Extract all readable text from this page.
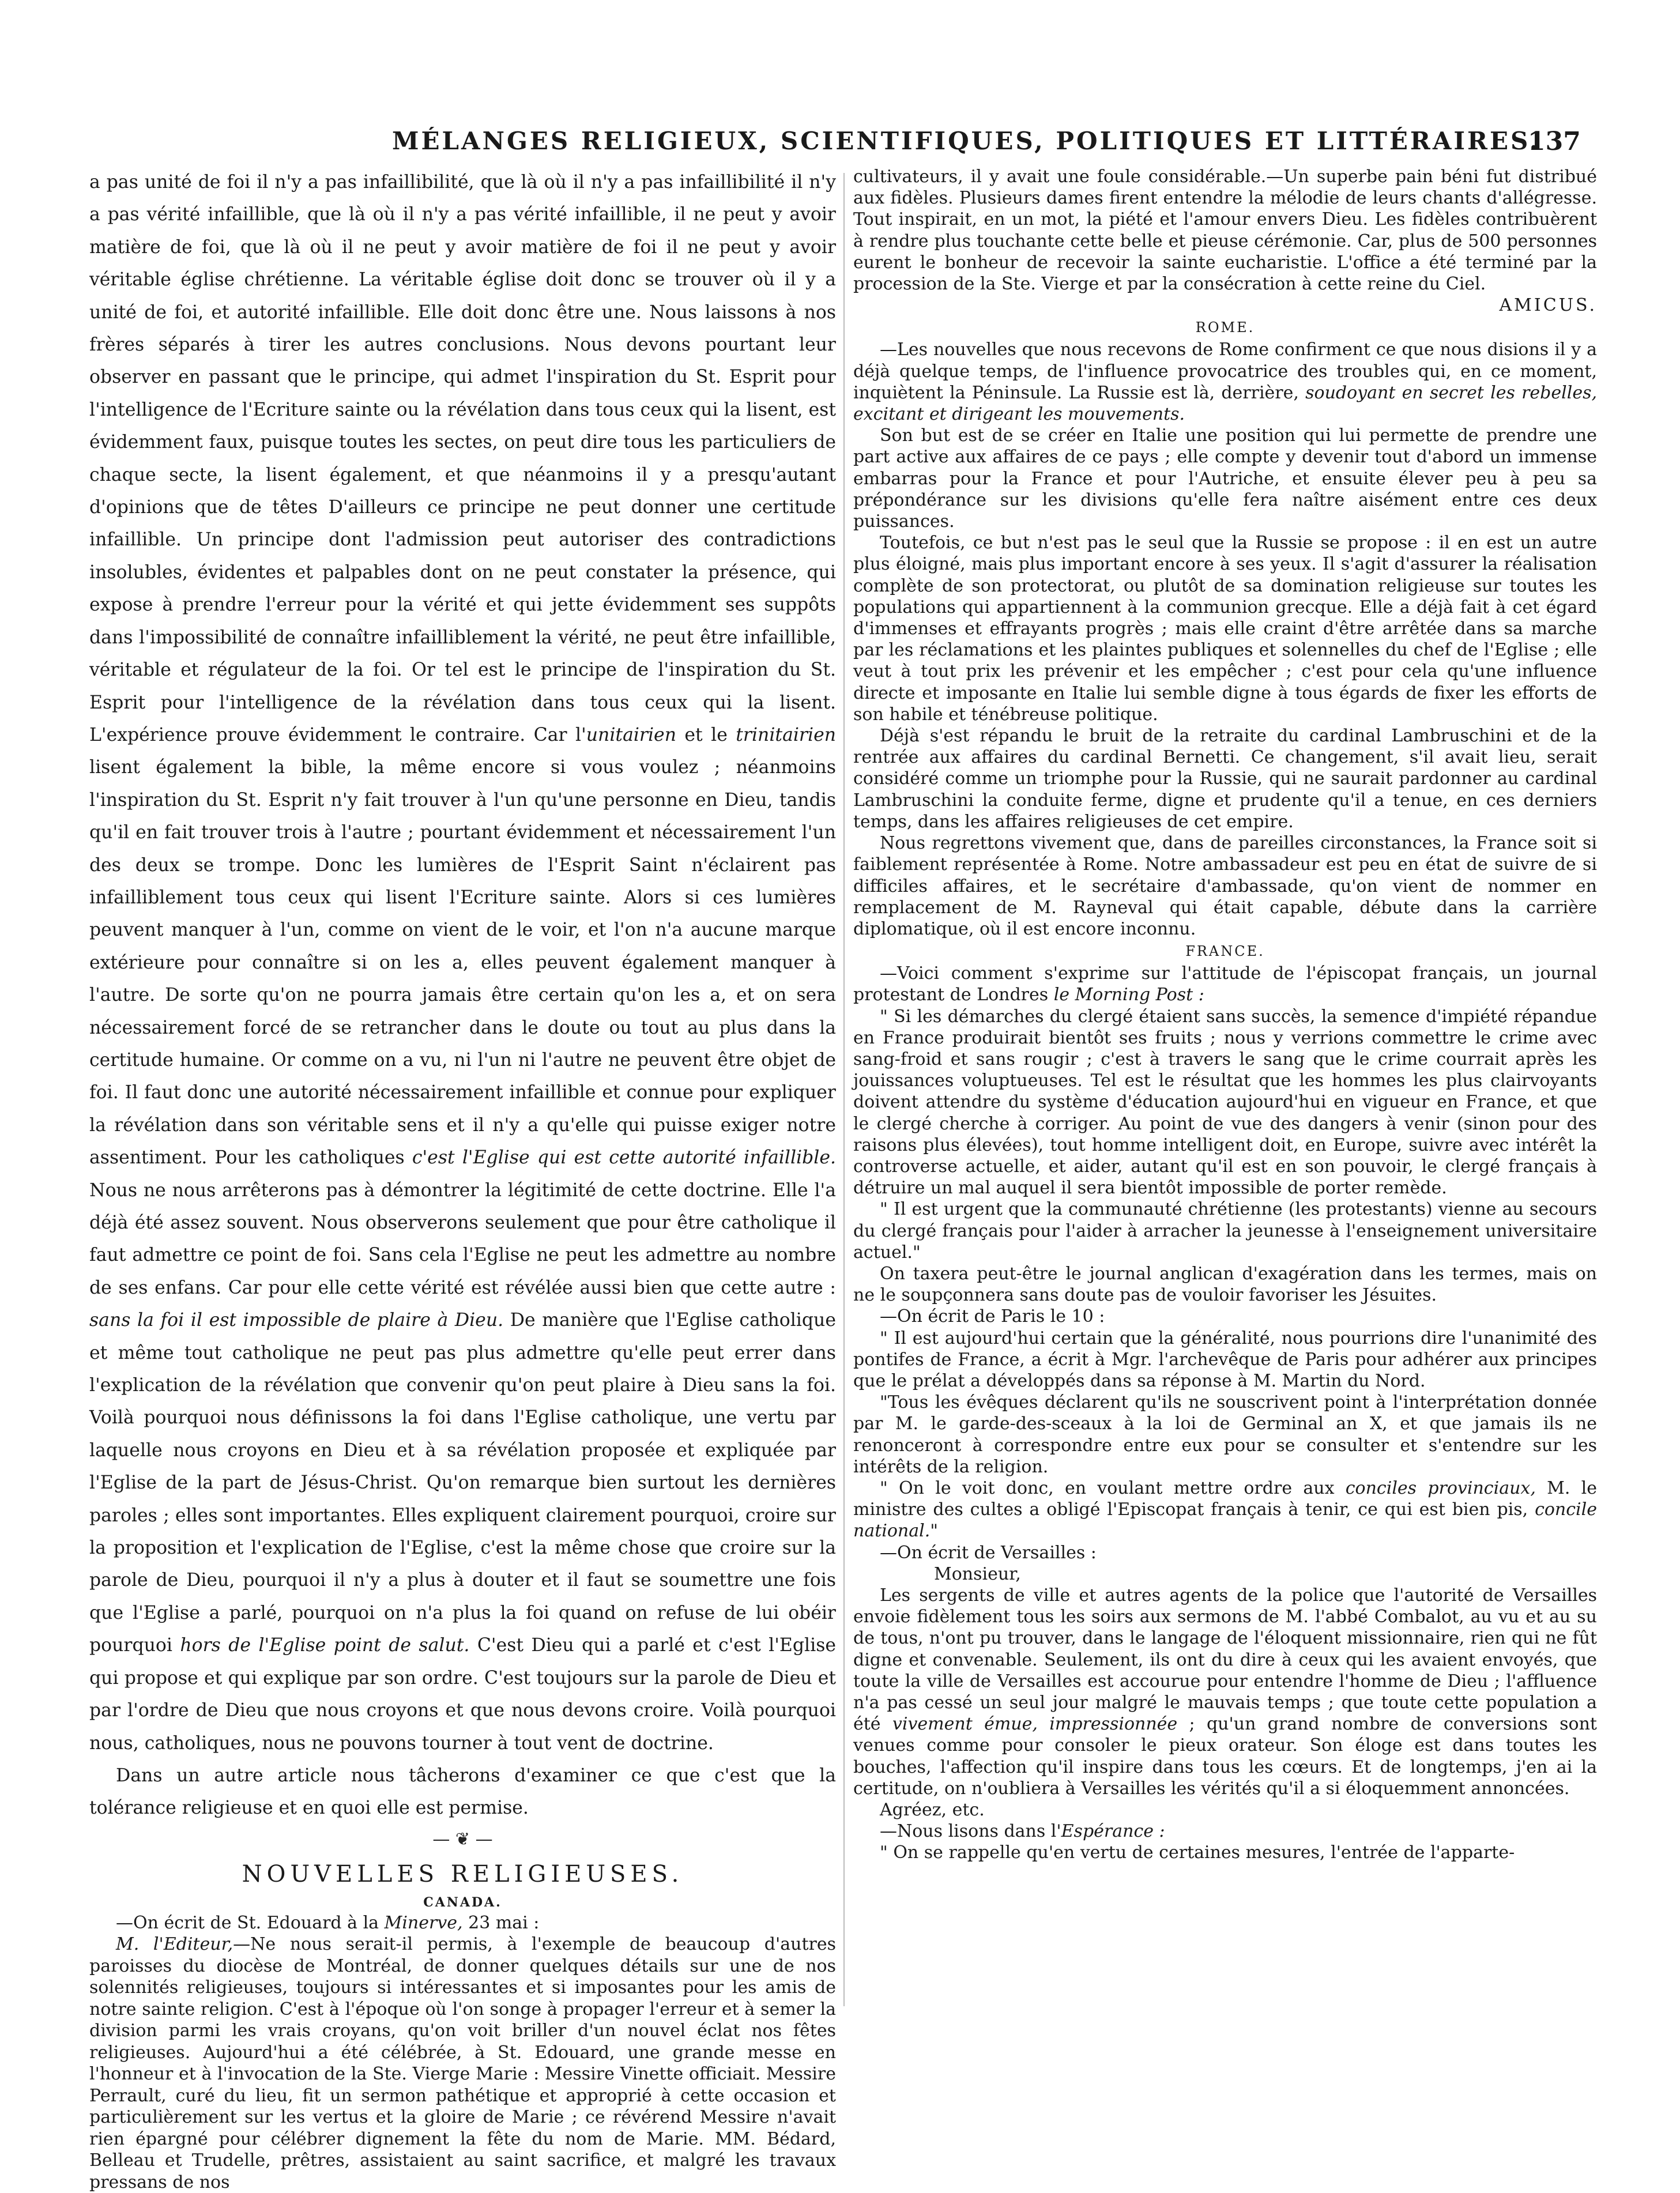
MÉLANGES RELIGIEUX, SCIENTIFIQUES, POLITIQUES ET LITTÉRAIRES.
137

a pas unité de foi il n'y a pas infaillibilité, que là où il n'y a pas infaillibilité il n'y a pas vérité infaillible, que là où il n'y a pas vérité infaillible, il ne peut y avoir matière de foi, que là où il ne peut y avoir matière de foi il ne peut y avoir véritable église chrétienne. La véritable église doit donc se trouver où il y a unité de foi, et autorité infaillible. Elle doit donc être une. Nous laissons à nos frères séparés à tirer les autres conclusions. Nous devons pourtant leur observer en passant que le principe, qui admet l'inspiration du St. Esprit pour l'intelligence de l'Ecriture sainte ou la révélation dans tous ceux qui la lisent, est évidemment faux, puisque toutes les sectes, on peut dire tous les particuliers de chaque secte, la lisent également, et que néanmoins il y a presqu'autant d'opinions que de têtes D'ailleurs ce principe ne peut donner une certitude infaillible. Un principe dont l'admission peut autoriser des contradictions insolubles, évidentes et palpables dont on ne peut constater la présence, qui expose à prendre l'erreur pour la vérité et qui jette évidemment ses suppôts dans l'impossibilité de connaître infailliblement la vérité, ne peut être infaillible, véritable et régulateur de la foi. Or tel est le principe de l'inspiration du St. Esprit pour l'intelligence de la révélation dans tous ceux qui la lisent. L'expérience prouve évidemment le contraire. Car l'unitairien et le trinitairien lisent également la bible, la même encore si vous voulez ; néanmoins l'inspiration du St. Esprit n'y fait trouver à l'un qu'une personne en Dieu, tandis qu'il en fait trouver trois à l'autre ; pourtant évidemment et nécessairement l'un des deux se trompe. Donc les lumières de l'Esprit Saint n'éclairent pas infailliblement tous ceux qui lisent l'Ecriture sainte. Alors si ces lumières peuvent manquer à l'un, comme on vient de le voir, et l'on n'a aucune marque extérieure pour connaître si on les a, elles peuvent également manquer à l'autre. De sorte qu'on ne pourra jamais être certain qu'on les a, et on sera nécessairement forcé de se retrancher dans le doute ou tout au plus dans la certitude humaine. Or comme on a vu, ni l'un ni l'autre ne peuvent être objet de foi. Il faut donc une autorité nécessairement infaillible et connue pour expliquer la révélation dans son véritable sens et il n'y a qu'elle qui puisse exiger notre assentiment. Pour les catholiques c'est l'Eglise qui est cette autorité infaillible. Nous ne nous arrêterons pas à démontrer la légitimité de cette doctrine. Elle l'a déjà été assez souvent. Nous observerons seulement que pour être catholique il faut admettre ce point de foi. Sans cela l'Eglise ne peut les admettre au nombre de ses enfans. Car pour elle cette vérité est révélée aussi bien que cette autre : sans la foi il est impossible de plaire à Dieu. De manière que l'Eglise catholique et même tout catholique ne peut pas plus admettre qu'elle peut errer dans l'explication de la révélation que convenir qu'on peut plaire à Dieu sans la foi. Voilà pourquoi nous définissons la foi dans l'Eglise catholique, une vertu par laquelle nous croyons en Dieu et à sa révélation proposée et expliquée par l'Eglise de la part de Jésus-Christ. Qu'on remarque bien surtout les dernières paroles ; elles sont importantes. Elles expliquent clairement pourquoi, croire sur la proposition et l'explication de l'Eglise, c'est la même chose que croire sur la parole de Dieu, pourquoi il n'y a plus à douter et il faut se soumettre une fois que l'Eglise a parlé, pourquoi on n'a plus la foi quand on refuse de lui obéir pourquoi hors de l'Eglise point de salut. C'est Dieu qui a parlé et c'est l'Eglise qui propose et qui explique par son ordre. C'est toujours sur la parole de Dieu et par l'ordre de Dieu que nous croyons et que nous devons croire. Voilà pourquoi nous, catholiques, nous ne pouvons tourner à tout vent de doctrine.

Dans un autre article nous tâcherons d'examiner ce que c'est que la tolérance religieuse et en quoi elle est permise.

— ❦ —
NOUVELLES RELIGIEUSES.
CANADA.

—On écrit de St. Edouard à la Minerve, 23 mai :

M. l'Editeur,—Ne nous serait-il permis, à l'exemple de beaucoup d'autres paroisses du diocèse de Montréal, de donner quelques détails sur une de nos solennités religieuses, toujours si intéressantes et si imposantes pour les amis de notre sainte religion. C'est à l'époque où l'on songe à propager l'erreur et à semer la division parmi les vrais croyans, qu'on voit briller d'un nouvel éclat nos fêtes religieuses. Aujourd'hui a été célébrée, à St. Edouard, une grande messe en l'honneur et à l'invocation de la Ste. Vierge Marie : Messire Vinette officiait. Messire Perrault, curé du lieu, fit un sermon pathétique et approprié à cette occasion et particulièrement sur les vertus et la gloire de Marie ; ce révérend Messire n'avait rien épargné pour célébrer dignement la fête du nom de Marie. MM. Bédard, Belleau et Trudelle, prêtres, assistaient au saint sacrifice, et malgré les travaux pressans de nos

cultivateurs, il y avait une foule considérable.—Un superbe pain béni fut distribué aux fidèles. Plusieurs dames firent entendre la mélodie de leurs chants d'allégresse. Tout inspirait, en un mot, la piété et l'amour envers Dieu. Les fidèles contribuèrent à rendre plus touchante cette belle et pieuse cérémonie. Car, plus de 500 personnes eurent le bonheur de recevoir la sainte eucharistie. L'office a été terminé par la procession de la Ste. Vierge et par la consécration à cette reine du Ciel.

AMICUS.

ROME.

—Les nouvelles que nous recevons de Rome confirment ce que nous disions il y a déjà quelque temps, de l'influence provocatrice des troubles qui, en ce moment, inquiètent la Péninsule. La Russie est là, derrière, soudoyant en secret les rebelles, excitant et dirigeant les mouvements.

Son but est de se créer en Italie une position qui lui permette de prendre une part active aux affaires de ce pays ; elle compte y devenir tout d'abord un immense embarras pour la France et pour l'Autriche, et ensuite élever peu à peu sa prépondérance sur les divisions qu'elle fera naître aisément entre ces deux puissances.

Toutefois, ce but n'est pas le seul que la Russie se propose : il en est un autre plus éloigné, mais plus important encore à ses yeux. Il s'agit d'assurer la réalisation complète de son protectorat, ou plutôt de sa domination religieuse sur toutes les populations qui appartiennent à la communion grecque. Elle a déjà fait à cet égard d'immenses et effrayants progrès ; mais elle craint d'être arrêtée dans sa marche par les réclamations et les plaintes publiques et solennelles du chef de l'Eglise ; elle veut à tout prix les prévenir et les empêcher ; c'est pour cela qu'une influence directe et imposante en Italie lui semble digne à tous égards de fixer les efforts de son habile et ténébreuse politique.

Déjà s'est répandu le bruit de la retraite du cardinal Lambruschini et de la rentrée aux affaires du cardinal Bernetti. Ce changement, s'il avait lieu, serait considéré comme un triomphe pour la Russie, qui ne saurait pardonner au cardinal Lambruschini la conduite ferme, digne et prudente qu'il a tenue, en ces derniers temps, dans les affaires religieuses de cet empire.

Nous regrettons vivement que, dans de pareilles circonstances, la France soit si faiblement représentée à Rome. Notre ambassadeur est peu en état de suivre de si difficiles affaires, et le secrétaire d'ambassade, qu'on vient de nommer en remplacement de M. Rayneval qui était capable, débute dans la carrière diplomatique, où il est encore inconnu.

FRANCE.

—Voici comment s'exprime sur l'attitude de l'épiscopat français, un journal protestant de Londres le Morning Post :

" Si les démarches du clergé étaient sans succès, la semence d'impiété répandue en France produirait bientôt ses fruits ; nous y verrions commettre le crime avec sang-froid et sans rougir ; c'est à travers le sang que le crime courrait après les jouissances voluptueuses. Tel est le résultat que les hommes les plus clairvoyants doivent attendre du système d'éducation aujourd'hui en vigueur en France, et que le clergé cherche à corriger. Au point de vue des dangers à venir (sinon pour des raisons plus élevées), tout homme intelligent doit, en Europe, suivre avec intérêt la controverse actuelle, et aider, autant qu'il est en son pouvoir, le clergé français à détruire un mal auquel il sera bientôt impossible de porter remède.

" Il est urgent que la communauté chrétienne (les protestants) vienne au secours du clergé français pour l'aider à arracher la jeunesse à l'enseignement universitaire actuel."

On taxera peut-être le journal anglican d'exagération dans les termes, mais on ne le soupçonnera sans doute pas de vouloir favoriser les Jésuites.

—On écrit de Paris le 10 :

" Il est aujourd'hui certain que la généralité, nous pourrions dire l'unanimité des pontifes de France, a écrit à Mgr. l'archevêque de Paris pour adhérer aux principes que le prélat a développés dans sa réponse à M. Martin du Nord.

"Tous les évêques déclarent qu'ils ne souscrivent point à l'interprétation donnée par M. le garde-des-sceaux à la loi de Germinal an X, et que jamais ils ne renonceront à correspondre entre eux pour se consulter et s'entendre sur les intérêts de la religion.

" On le voit donc, en voulant mettre ordre aux conciles provinciaux, M. le ministre des cultes a obligé l'Episcopat français à tenir, ce qui est bien pis, concile national."

—On écrit de Versailles :

Monsieur,

Les sergents de ville et autres agents de la police que l'autorité de Versailles envoie fidèlement tous les soirs aux sermons de M. l'abbé Combalot, au vu et au su de tous, n'ont pu trouver, dans le langage de l'éloquent missionnaire, rien qui ne fût digne et convenable. Seulement, ils ont du dire à ceux qui les avaient envoyés, que toute la ville de Versailles est accourue pour entendre l'homme de Dieu ; l'affluence n'a pas cessé un seul jour malgré le mauvais temps ; que toute cette population a été vivement émue, impressionnée ; qu'un grand nombre de conversions sont venues comme pour consoler le pieux orateur. Son éloge est dans toutes les bouches, l'affection qu'il inspire dans tous les cœurs. Et de longtemps, j'en ai la certitude, on n'oubliera à Versailles les vérités qu'il a si éloquemment annoncées.

Agréez, etc.

—Nous lisons dans l'Espérance :

" On se rappelle qu'en vertu de certaines mesures, l'entrée de l'apparte-
